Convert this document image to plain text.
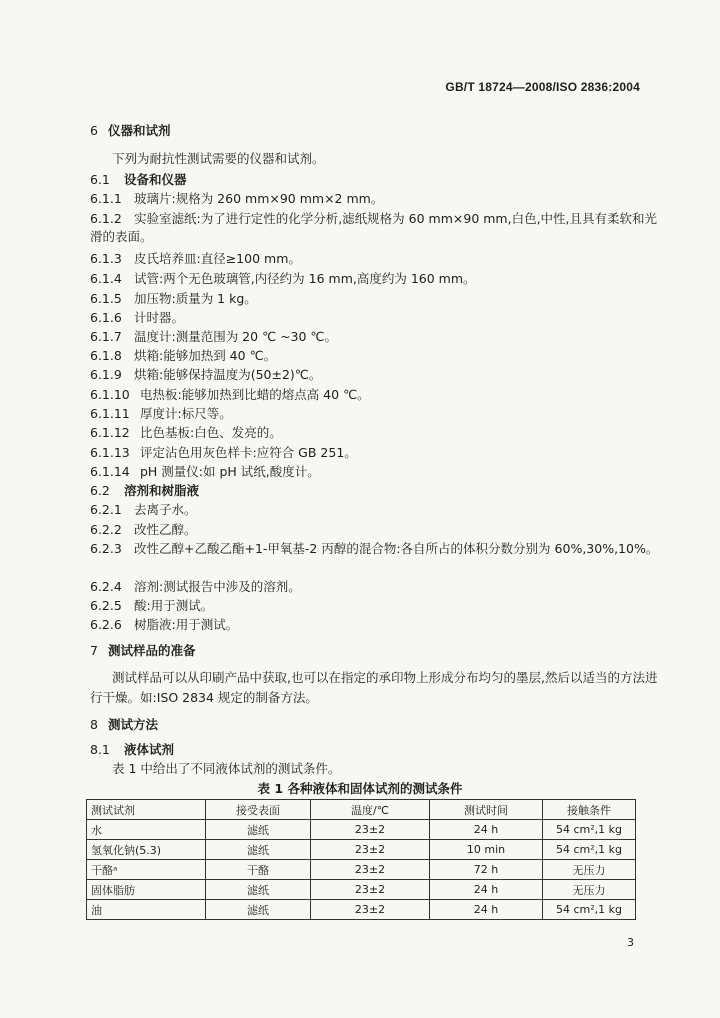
GB/T 18724—2008/ISO 2836:2004
6 仪器和试剂
下列为耐抗性测试需要的仪器和试剂。
6.1 设备和仪器
6.1.1 玻璃片:规格为 260 mm×90 mm×2 mm。
6.1.2 实验室滤纸:为了进行定性的化学分析,滤纸规格为 60 mm×90 mm,白色,中性,且具有柔软和光滑的表面。
6.1.3 皮氏培养皿:直径≥100 mm。
6.1.4 试管:两个无色玻璃管,内径约为 16 mm,高度约为 160 mm。
6.1.5 加压物:质量为 1 kg。
6.1.6 计时器。
6.1.7 温度计:测量范围为 20 ℃ ~30 ℃。
6.1.8 烘箱:能够加热到 40 ℃。
6.1.9 烘箱:能够保持温度为(50±2)℃。
6.1.10 电热板:能够加热到比蜡的熔点高 40 ℃。
6.1.11 厚度计:标尺等。
6.1.12 比色基板:白色、发亮的。
6.1.13 评定沾色用灰色样卡:应符合 GB 251。
6.1.14 pH 测量仪:如 pH 试纸,酸度计。
6.2 溶剂和树脂液
6.2.1 去离子水。
6.2.2 改性乙醇。
6.2.3 改性乙醇+乙酸乙酯+1-甲氧基-2 丙醇的混合物:各自所占的体积分数分别为 60%,30%,10%。
6.2.4 溶剂:测试报告中涉及的溶剂。
6.2.5 酸:用于测试。
6.2.6 树脂液:用于测试。
7 测试样品的准备
测试样品可以从印刷产品中获取,也可以在指定的承印物上形成分布均匀的墨层,然后以适当的方法进行干燥。如:ISO 2834 规定的制备方法。
8 测试方法
8.1 液体试剂
表 1 中给出了不同液体试剂的测试条件。
表 1 各种液体和固体试剂的测试条件
测试试剂	接受表面	温度/℃	测试时间	接触条件
水	滤纸	23±2	24 h	54 cm²,1 kg
氢氧化钠(5.3)	滤纸	23±2	10 min	54 cm²,1 kg
干酪ᵃ	干酪	23±2	72 h	无压力
固体脂肪	滤纸	23±2	24 h	无压力
油	滤纸	23±2	24 h	54 cm²,1 kg
3
